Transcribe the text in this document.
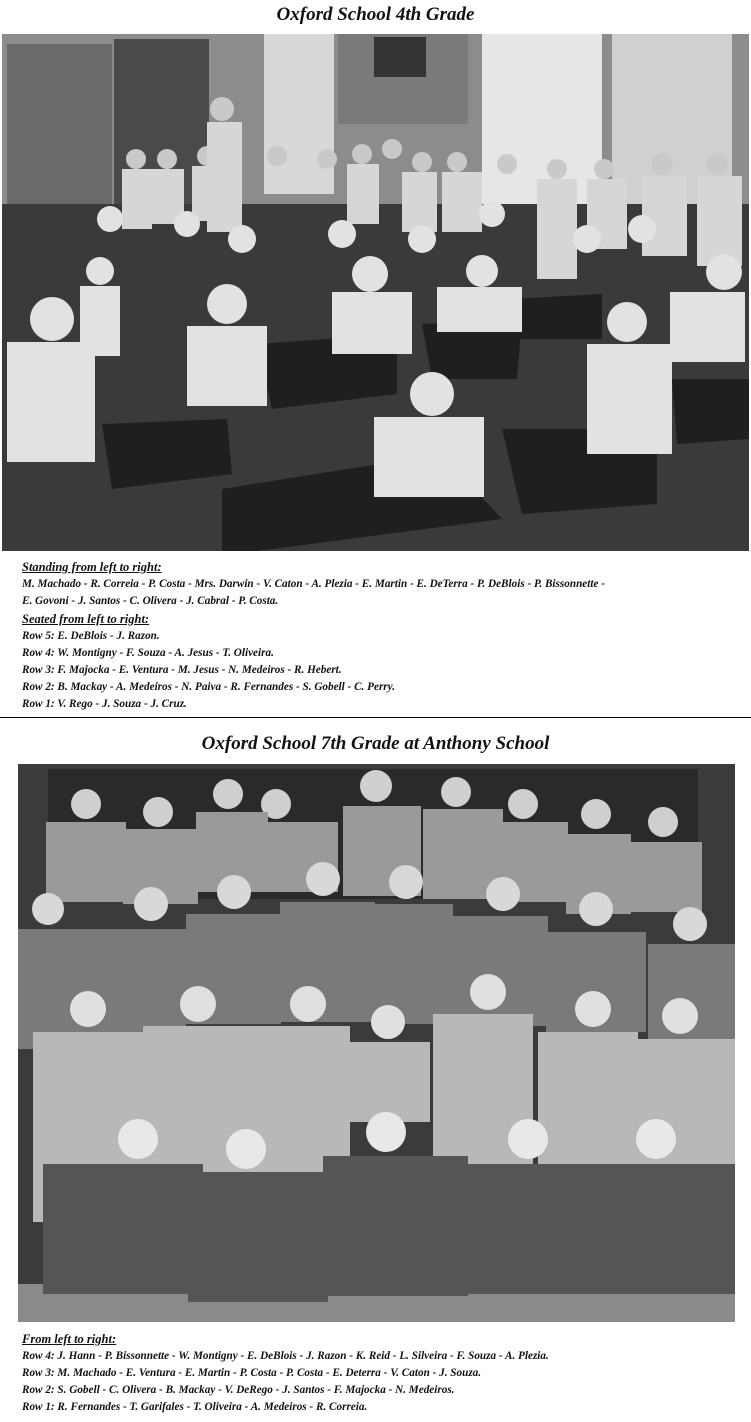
Oxford School 4th Grade

Standing from left to right:

M. Machado - R. Correia - P. Costa - Mrs. Darwin - V. Caton - A. Plezia - E. Martin - E. DeTerra - P. DeBlois - P. Bissonnette -

E. Govoni - J. Santos - C. Olivera - J. Cabral - P. Costa.

Seated from left to right:

Row 5: E. DeBlois - J. Razon.

Row 4: W. Montigny - F. Souza - A. Jesus - T. Oliveira.

Row 3: F. Majocka - E. Ventura - M. Jesus - N. Medeiros - R. Hebert.

Row 2: B. Mackay - A. Medeiros - N. Paiva - R. Fernandes - S. Gobell - C. Perry.

Row 1: V. Rego - J. Souza - J. Cruz.

Oxford School 7th Grade at Anthony School

From left to right:

Row 4: J. Hann - P. Bissonnette - W. Montigny - E. DeBlois - J. Razon - K. Reid - L. Silveira - F. Souza - A. Plezia.

Row 3: M. Machado - E. Ventura - E. Martin - P. Costa - P. Costa - E. Deterra - V. Caton - J. Souza.

Row 2: S. Gobell - C. Olivera - B. Mackay - V. DeRego - J. Santos - F. Majocka - N. Medeiros.

Row 1: R. Fernandes - T. Garifales - T. Oliveira - A. Medeiros - R. Correia.
